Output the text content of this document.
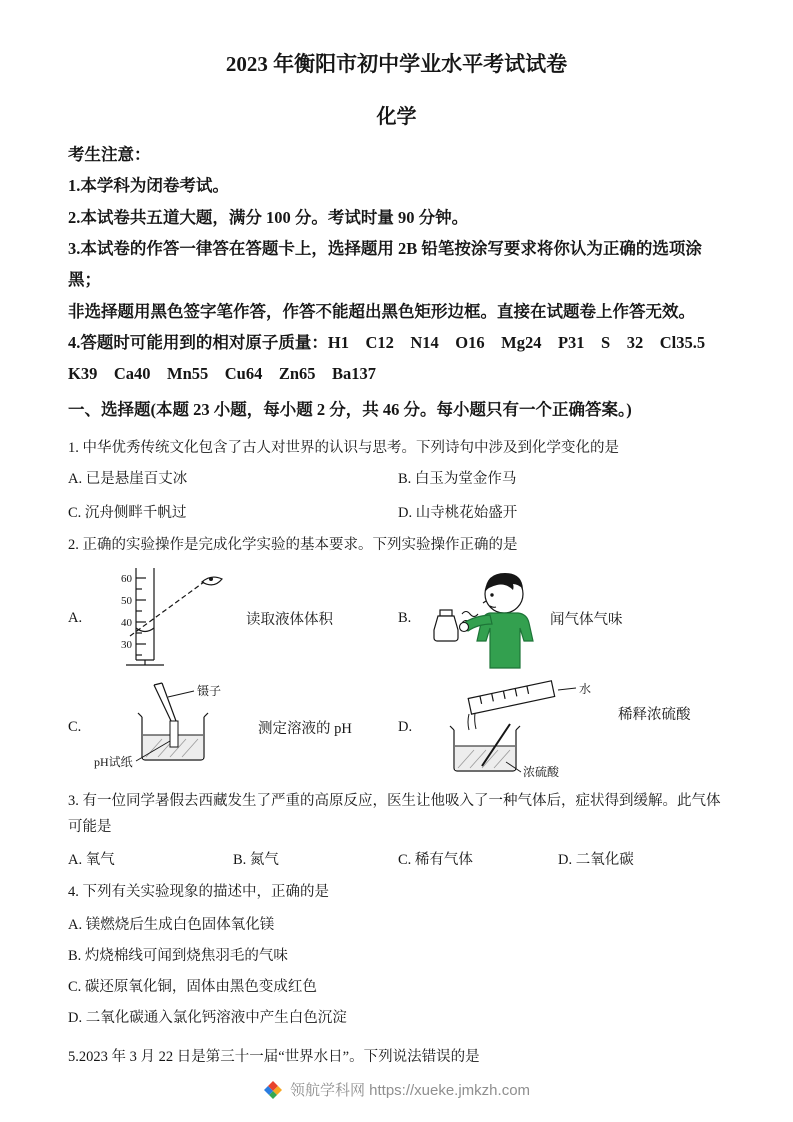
2023 年衡阳市初中学业水平考试试卷
化学

考生注意：

1.本学科为闭卷考试。

2.本试卷共五道大题，满分 100 分。考试时量 90 分钟。

3.本试卷的作答一律答在答题卡上，选择题用 2B 铅笔按涂写要求将你认为正确的选项涂黑；

非选择题用黑色签字笔作答，作答不能超出黑色矩形边框。直接在试题卷上作答无效。

4.答题时可能用到的相对原子质量：H1    C12    N14    O16    Mg24    P31    S    32    Cl35.5

K39    Ca40    Mn55    Cu64    Zn65    Ba137

一、选择题(本题 23 小题，每小题 2 分，共 46 分。每小题只有一个正确答案。)

1. 中华优秀传统文化包含了古人对世界的认识与思考。下列诗句中涉及到化学变化的是

A. 已是悬崖百丈冰	B. 白玉为堂金作马
C. 沉舟侧畔千帆过	D. 山寺桃花始盛开

2. 正确的实验操作是完成化学实验的基本要求。下列实验操作正确的是

A.
60
50
40
30
读取液体体积	B.	闻气体气味
C.
镊子
pH试纸
测定溶液的 pH	D.
水
浓硫酸
稀释浓硫酸

3. 有一位同学暑假去西藏发生了严重的高原反应，医生让他吸入了一种气体后，症状得到缓解。此气体可能是

A. 氧气	B. 氮气	C. 稀有气体	D. 二氧化碳

4. 下列有关实验现象的描述中，正确的是

A. 镁燃烧后生成白色固体氧化镁

B. 灼烧棉线可闻到烧焦羽毛的气味

C. 碳还原氧化铜，固体由黑色变成红色

D. 二氧化碳通入氯化钙溶液中产生白色沉淀

5.2023 年 3 月 22 日是第三十一届“世界水日”。下列说法错误的是

领航学科网 https://xueke.jmkzh.com
